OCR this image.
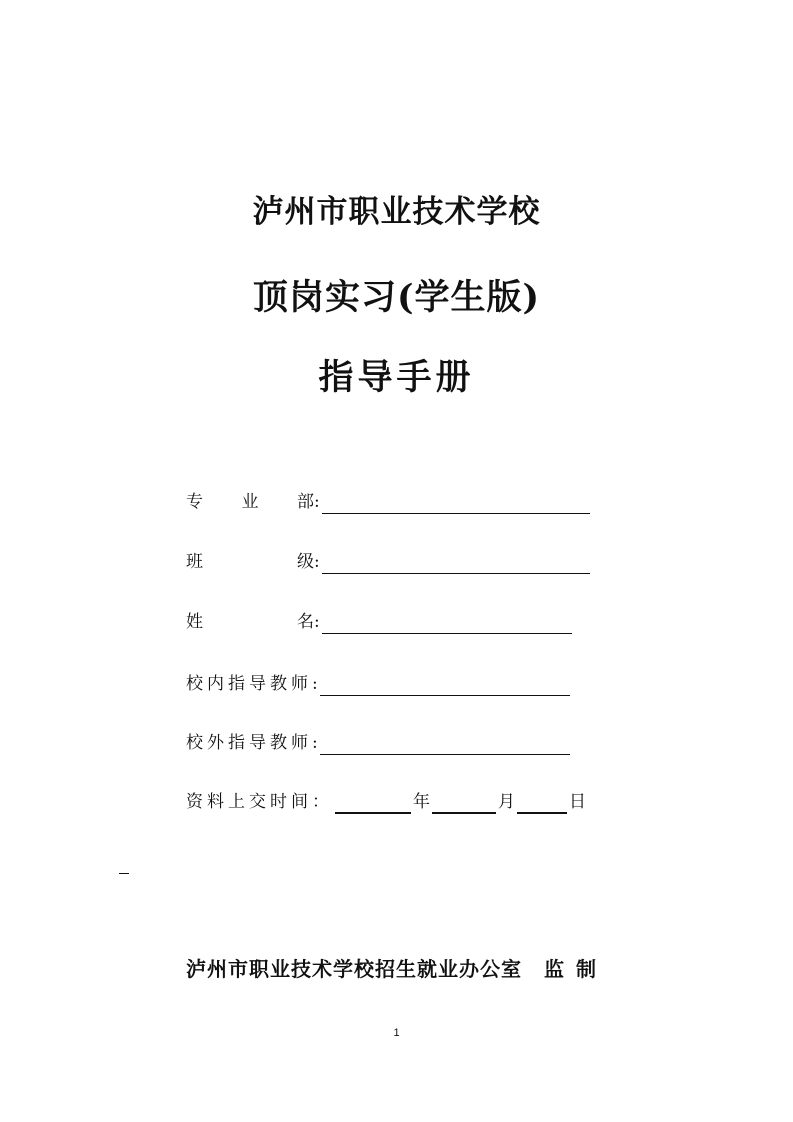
泸州市职业技术学校
顶岗实习(学生版)
指导手册
专 业 部 :
班	级 :
姓	名 :
校内指导教师:
校外指导教师:
资料上交时间：	年	月	日
泸州市职业技术学校招生就业办公室 监制
1
